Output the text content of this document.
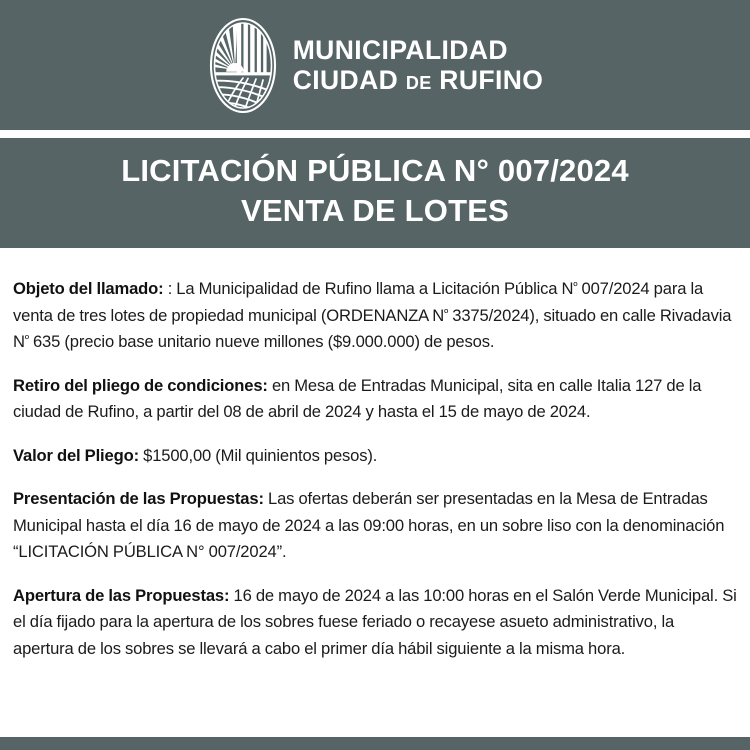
MUNICIPALIDAD
CIUDAD DE RUFINO
LICITACIÓN PÚBLICA N° 007/2024
VENTA DE LOTES

Objeto del llamado: : La Municipalidad de Rufino llama a Licitación Pública $N^º$ 007/2024 para la venta de tres lotes de propiedad municipal (ORDENANZA $N^º$ 3375/2024), situado en calle Rivadavia $N^º$ 635 (precio base unitario nueve millones ($9.000.000) de pesos.

Retiro del pliego de condiciones: en Mesa de Entradas Municipal, sita en calle Italia 127 de la ciudad de Rufino, a partir del 08 de abril de 2024 y hasta el 15 de mayo de 2024.

Valor del Pliego: $1500,00 (Mil quinientos pesos).

Presentación de las Propuestas: Las ofertas deberán ser presentadas en la Mesa de Entradas Municipal hasta el día 16 de mayo de 2024 a las 09:00 horas, en un sobre liso con la denominación “LICITACIÓN PÚBLICA N° 007/2024”.

Apertura de las Propuestas: 16 de mayo de 2024 a las 10:00 horas en el Salón Verde Municipal. Si el día fijado para la apertura de los sobres fuese feriado o recayese asueto administrativo, la apertura de los sobres se llevará a cabo el primer día hábil siguiente a la misma hora.
